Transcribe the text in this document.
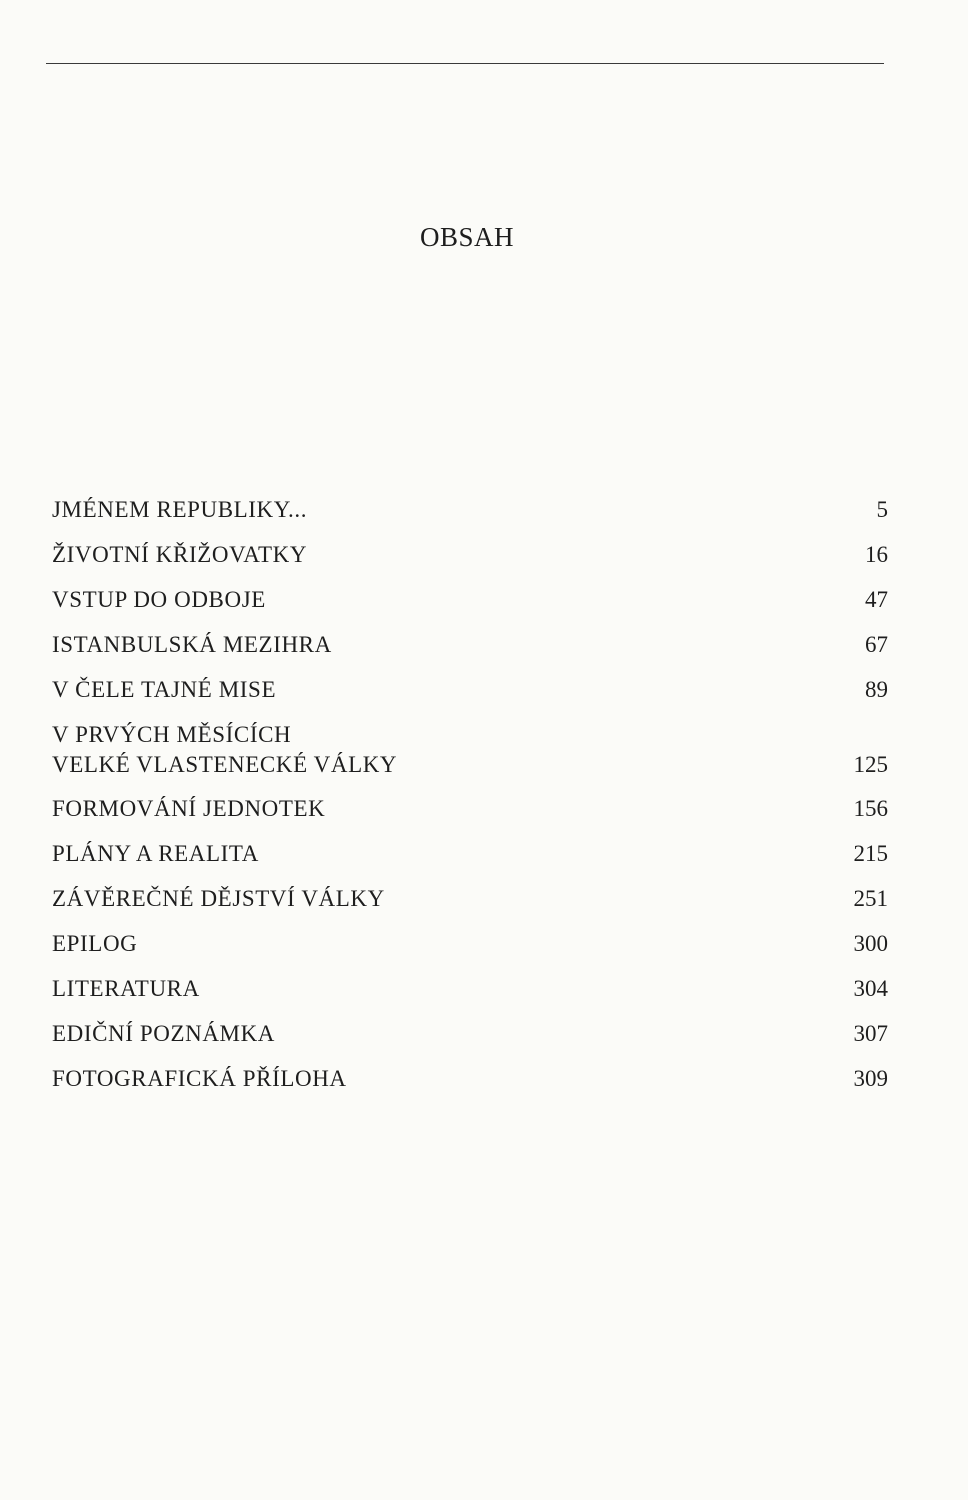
OBSAH
JMÉNEM REPUBLIKY...	5
ŽIVOTNÍ KŘIŽOVATKY	16
VSTUP DO ODBOJE	47
ISTANBULSKÁ MEZIHRA	67
V ČELE TAJNÉ MISE	89
V PRVÝCH MĚSÍCÍCH
VELKÉ VLASTENECKÉ VÁLKY	125
FORMOVÁNÍ JEDNOTEK	156
PLÁNY A REALITA	215
ZÁVĚREČNÉ DĚJSTVÍ VÁLKY	251
EPILOG	300
LITERATURA	304
EDIČNÍ POZNÁMKA	307
FOTOGRAFICKÁ PŘÍLOHA	309
